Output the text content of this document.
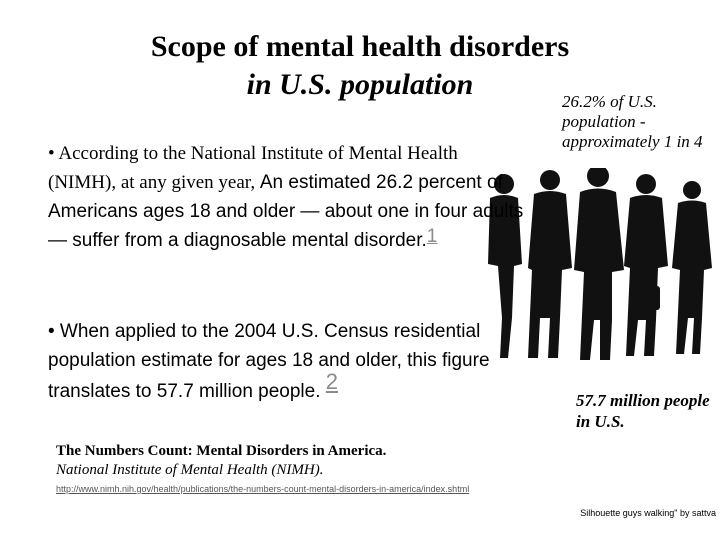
Scope of mental health disorders
in U.S. population
26.2% of U.S. population - approximately 1 in 4
• According to the National Institute of Mental Health (NIMH), at any given year, An estimated 26.2 percent of Americans ages 18 and older — about one in four adults — suffer from a diagnosable mental disorder.1
• When applied to the 2004 U.S. Census residential population estimate for ages 18 and older, this figure translates to 57.7 million people. 2
57.7 million people in U.S.
The Numbers Count: Mental Disorders in America.
National Institute of Mental Health (NIMH).
http://www.nimh.nih.gov/health/publications/the-numbers-count-mental-disorders-in-america/index.shtml
Silhouette guys walking" by sattva
